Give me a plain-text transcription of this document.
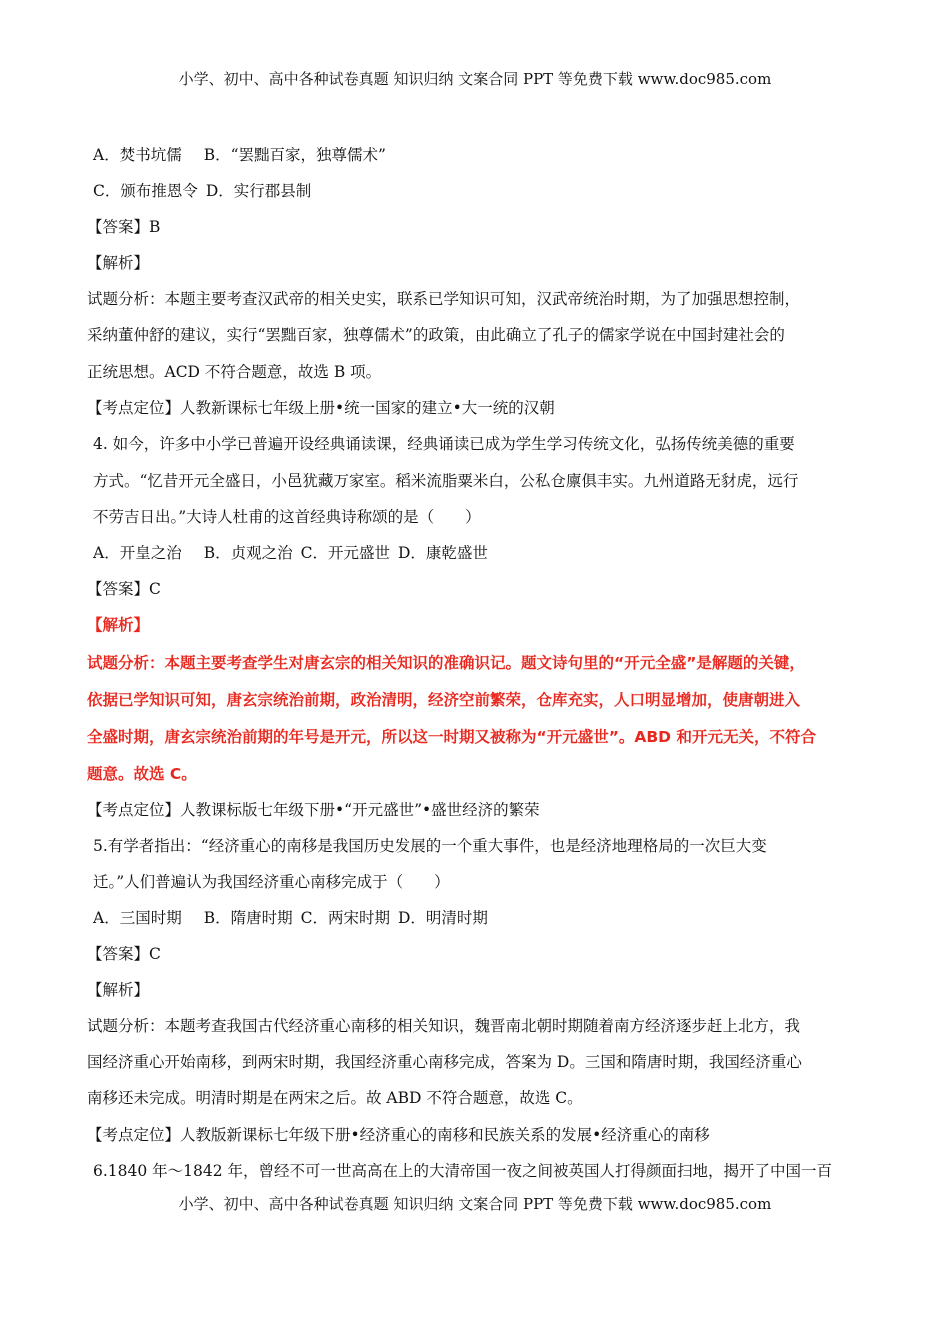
小学、初中、高中各种试卷真题 知识归纳 文案合同 PPT 等免费下载 www.doc985.com
A．焚书坑儒 B．“罢黜百家，独尊儒术”
C．颁布推恩令 D．实行郡县制
【答案】B
【解析】
试题分析：本题主要考查汉武帝的相关史实，联系已学知识可知，汉武帝统治时期，为了加强思想控制，
采纳董仲舒的建议，实行“罢黜百家，独尊儒术”的政策，由此确立了孔子的儒家学说在中国封建社会的
正统思想。ACD 不符合题意，故选 B 项。
【考点定位】人教新课标七年级上册•统一国家的建立•大一统的汉朝
4. 如今，许多中小学已普遍开设经典诵读课，经典诵读已成为学生学习传统文化，弘扬传统美德的重要
方式。“忆昔开元全盛日，小邑犹藏万家室。稻米流脂粟米白，公私仓廪俱丰实。九州道路无豺虎，远行
不劳吉日出。”大诗人杜甫的这首经典诗称颂的是（　　）
A．开皇之治 B．贞观之治 C．开元盛世 D．康乾盛世
【答案】C
【解析】
试题分析：本题主要考查学生对唐玄宗的相关知识的准确识记。题文诗句里的“开元全盛”是解题的关键，
依据已学知识可知，唐玄宗统治前期，政治清明，经济空前繁荣，仓库充实，人口明显增加，使唐朝进入
全盛时期，唐玄宗统治前期的年号是开元，所以这一时期又被称为“开元盛世”。ABD 和开元无关，不符合
题意。故选 C。
【考点定位】人教课标版七年级下册•“开元盛世”•盛世经济的繁荣
5.有学者指出：“经济重心的南移是我国历史发展的一个重大事件，也是经济地理格局的一次巨大变
迁。”人们普遍认为我国经济重心南移完成于（　　）
A．三国时期 B．隋唐时期 C．两宋时期 D．明清时期
【答案】C
【解析】
试题分析：本题考查我国古代经济重心南移的相关知识，魏晋南北朝时期随着南方经济逐步赶上北方，我
国经济重心开始南移，到两宋时期，我国经济重心南移完成，答案为 D。三国和隋唐时期，我国经济重心
南移还未完成。明清时期是在两宋之后。故 ABD 不符合题意，故选 C。
【考点定位】人教版新课标七年级下册•经济重心的南移和民族关系的发展•经济重心的南移
6.1840 年～1842 年，曾经不可一世高高在上的大清帝国一夜之间被英国人打得颜面扫地，揭开了中国一百
小学、初中、高中各种试卷真题 知识归纳 文案合同 PPT 等免费下载 www.doc985.com
